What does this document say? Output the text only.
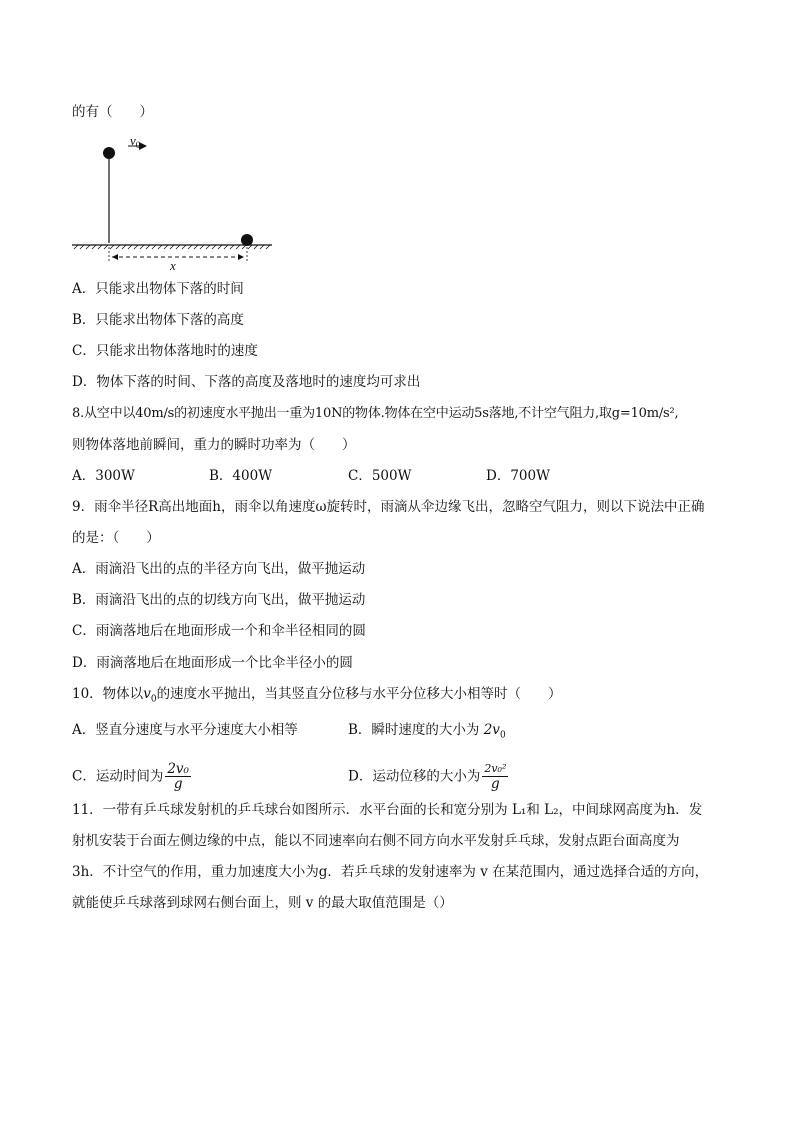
的有（　　）
$v_0$
x
A．只能求出物体下落的时间
B．只能求出物体下落的高度
C．只能求出物体落地时的速度
D．物体下落的时间、下落的高度及落地时的速度均可求出
8.从空中以40m/s的初速度水平抛出一重为10N的物体.物体在空中运动5s落地,不计空气阻力,取g=10m/s²,
则物体落地前瞬间，重力的瞬时功率为（　　）
A．300W	B．400W	C．500W	D．700W
9．雨伞半径R高出地面h，雨伞以角速度ω旋转时，雨滴从伞边缘飞出，忽略空气阻力，则以下说法中正确
的是：（　　）
A．雨滴沿飞出的点的半径方向飞出，做平抛运动
B．雨滴沿飞出的点的切线方向飞出，做平抛运动
C．雨滴落地后在地面形成一个和伞半径相同的圆
D．雨滴落地后在地面形成一个比伞半径小的圆
10．物体以$v_0$的速度水平抛出，当其竖直分位移与水平分位移大小相等时（　　）
A．竖直分速度与水平分速度大小相等	B．瞬时速度的大小为 $2v_0$
C．运动时间为 $\frac{\text{2v₀}}{g}$	D．运动位移的大小为 $\frac{\text{2v₀²}}{g}$
11．一带有乒乓球发射机的乒乓球台如图所示．水平台面的长和宽分别为 L₁和 L₂，中间球网高度为h．发
射机安装于台面左侧边缘的中点，能以不同速率向右侧不同方向水平发射乒乓球，发射点距台面高度为
3h．不计空气的作用，重力加速度大小为g．若乒乓球的发射速率为 v 在某范围内，通过选择合适的方向，
就能使乒乓球落到球网右侧台面上，则 v 的最大取值范围是（）
